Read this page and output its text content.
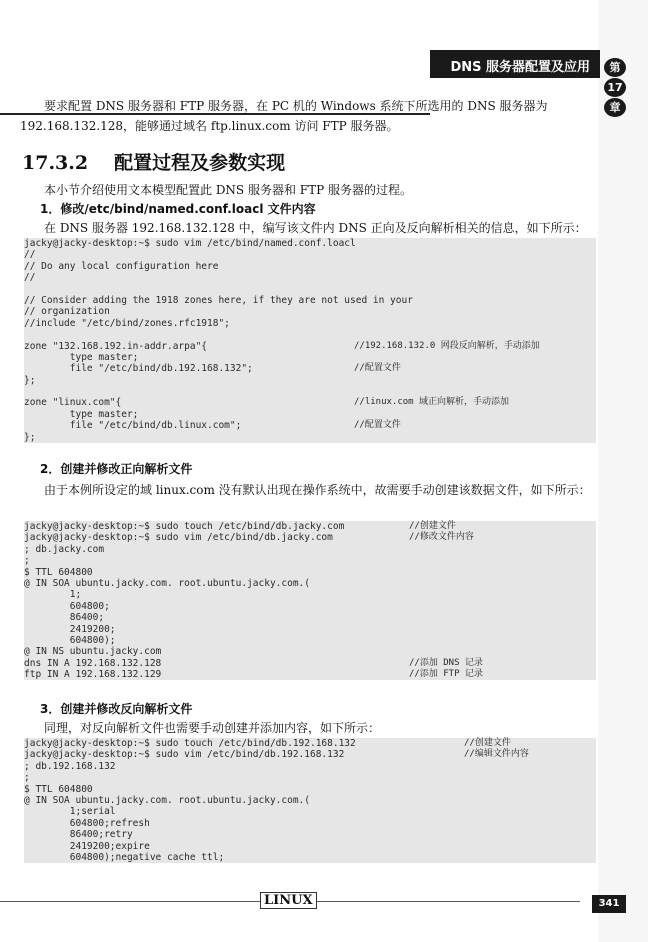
DNS 服务器配置及应用	第
17
章
要求配置 DNS 服务器和 FTP 服务器，在 PC 机的 Windows 系统下所选用的 DNS 服务器为 192.168.132.128，能够通过域名 ftp.linux.com 访问 FTP 服务器。
17.3.2 配置过程及参数实现
本小节介绍使用文本模型配置此 DNS 服务器和 FTP 服务器的过程。
1．修改/etc/bind/named.conf.loacl 文件内容
在 DNS 服务器 192.168.132.128 中，编写该文件内 DNS 正向及反向解析相关的信息，如下所示：
jacky@jacky-desktop:~$ sudo vim /etc/bind/named.conf.loacl
//
// Do any local configuration here
//
// Consider adding the 1918 zones here, if they are not used in your
// organization
//include "/etc/bind/zones.rfc1918";
zone "132.168.192.in-addr.arpa"{	//192.168.132.0 网段反向解析，手动添加
type master;
file "/etc/bind/db.192.168.132";	//配置文件
};
zone "linux.com"{	//linux.com 域正向解析，手动添加
type master;
file "/etc/bind/db.linux.com";	//配置文件
};
2．创建并修改正向解析文件
由于本例所设定的域 linux.com 没有默认出现在操作系统中，故需要手动创建该数据文件，如下所示：
jacky@jacky-desktop:~$ sudo touch /etc/bind/db.jacky.com	//创建文件
jacky@jacky-desktop:~$ sudo vim /etc/bind/db.jacky.com	//修改文件内容
; db.jacky.com
;
$ TTL 604800
@ IN SOA ubuntu.jacky.com. root.ubuntu.jacky.com.(
1;
604800;
86400;
2419200;
604800);
@ IN NS ubuntu.jacky.com
dns IN A 192.168.132.128	//添加 DNS 记录
ftp IN A 192.168.132.129	//添加 FTP 记录
3．创建并修改反向解析文件
同理，对反向解析文件也需要手动创建并添加内容，如下所示：
jacky@jacky-desktop:~$ sudo touch /etc/bind/db.192.168.132	//创建文件
jacky@jacky-desktop:~$ sudo vim /etc/bind/db.192.168.132	//编辑文件内容
; db.192.168.132
;
$ TTL 604800
@ IN SOA ubuntu.jacky.com. root.ubuntu.jacky.com.(
1;serial
604800;refresh
86400;retry
2419200;expire
604800);negative cache ttl;
LINUX	341
